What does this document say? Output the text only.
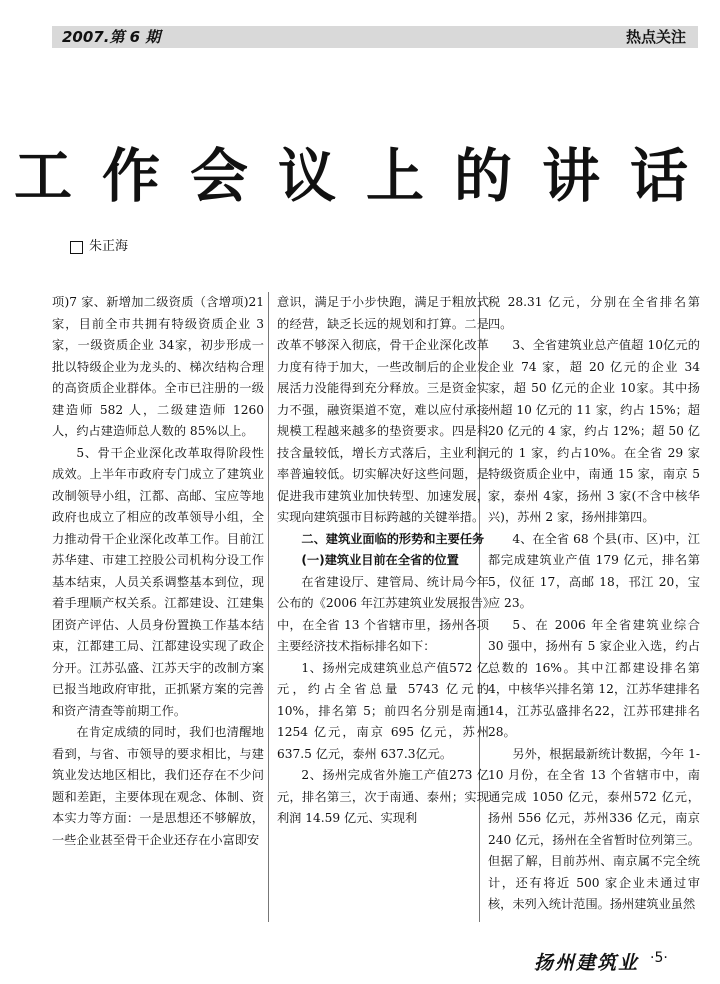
2007.第 6 期	热点关注
工作会议上的讲话
朱正海

项)7 家、新增加二级资质（含增项)21 家，目前全市共拥有特级资质企业 3 家，一级资质企业 34家，初步形成一批以特级企业为龙头的、梯次结构合理的高资质企业群体。全市已注册的一级建造师 582 人，二级建造师 1260人，约占建造师总人数的 85%以上。

5、骨干企业深化改革取得阶段性成效。上半年市政府专门成立了建筑业改制领导小组，江都、高邮、宝应等地政府也成立了相应的改革领导小组，全力推动骨干企业深化改革工作。目前江苏华建、市建工控股公司机构分设工作基本结束，人员关系调整基本到位，现着手理顺产权关系。江都建设、江建集团资产评估、人员身份置换工作基本结束，江都建工局、江都建设实现了政企分开。江苏弘盛、江苏天宇的改制方案已报当地政府审批，正抓紧方案的完善和资产清查等前期工作。

在肯定成绩的同时，我们也清醒地看到，与省、市领导的要求相比，与建筑业发达地区相比，我们还存在不少问题和差距，主要体现在观念、体制、资本实力等方面：一是思想还不够解放，一些企业甚至骨干企业还存在小富即安

意识，满足于小步快跑，满足于粗放式的经营，缺乏长远的规划和打算。二是改革不够深入彻底，骨干企业深化改革力度有待于加大，一些改制后的企业发展活力没能得到充分释放。三是资金实力不强，融资渠道不宽，难以应付承接规模工程越来越多的垫资要求。四是科技含量较低，增长方式落后，主业利润率普遍较低。切实解决好这些问题，是促进我市建筑业加快转型、加速发展，实现向建筑强市目标跨越的关键举措。

二、建筑业面临的形势和主要任务

(一)建筑业目前在全省的位置

在省建设厅、建管局、统计局今年公布的《2006 年江苏建筑业发展报告》中，在全省 13 个省辖市里，扬州各项主要经济技术指标排名如下：

1、扬州完成建筑业总产值572 亿元，约占全省总量 5743 亿元的 10%，排名第 5；前四名分别是南通 1254 亿元，南京 695 亿元，苏州 637.5 亿元，泰州 637.3亿元。

2、扬州完成省外施工产值273 亿元，排名第三，次于南通、泰州；实现利润 14.59 亿元、实现利

税 28.31 亿元，分别在全省排名第四。

3、全省建筑业总产值超 10亿元的企业 74 家，超 20 亿元的企业 34 家，超 50 亿元的企业 10家。其中扬州超 10 亿元的 11 家，约占 15%；超 20 亿元的 4 家，约占 12%；超 50 亿元的 1 家，约占10%。在全省 29 家特级资质企业中，南通 15 家，南京 5 家，泰州 4家，扬州 3 家(不含中核华兴)，苏州 2 家，扬州排第四。

4、在全省 68 个县(市、区)中，江都完成建筑业产值 179 亿元，排名第 5，仪征 17，高邮 18，邗江 20，宝应 23。

5、在 2006 年全省建筑业综合 30 强中，扬州有 5 家企业入选，约占总数的 16%。其中江都建设排名第 4，中核华兴排名第 12，江苏华建排名 14，江苏弘盛排名22，江苏邗建排名 28。

另外，根据最新统计数据，今年 1- 10 月份，在全省 13 个省辖市中，南通完成 1050 亿元，泰州572 亿元，扬州 556 亿元，苏州336 亿元，南京 240 亿元，扬州在全省暂时位列第三。但据了解，目前苏州、南京属不完全统计，还有将近 500 家企业未通过审核，未列入统计范围。扬州建筑业虽然

扬州建筑业 ·5·
